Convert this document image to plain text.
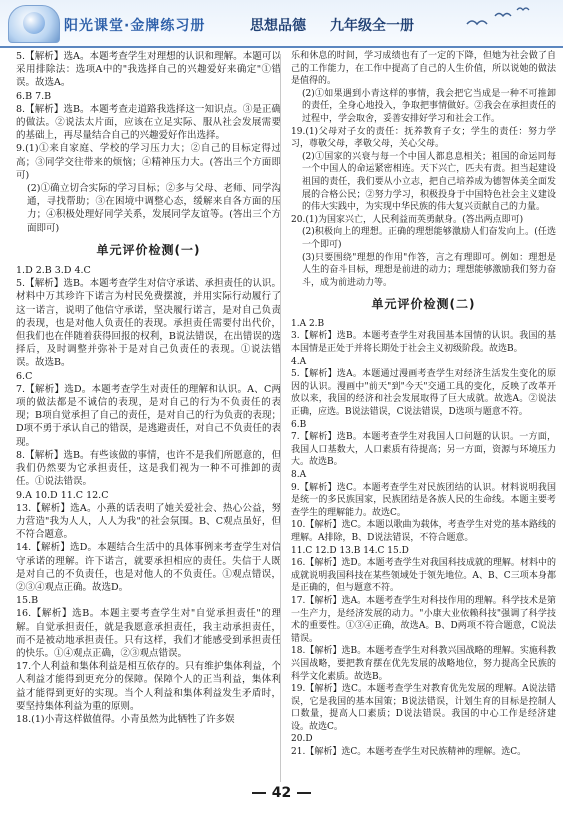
阳光课堂·金牌练习册	思想品德 九年级全一册

5.【解析】选A。本题考查学生对理想的认识和理解。本题可以采用排除法：选项A中的"我选择自己的兴趣爱好来确定"①错误。故选A。

6.B 7.B

8.【解析】选B。本题考查走道路我选择这一知识点。③是正确的做法。②说法太片面，应该在立足实际、服从社会发展需要的基础上，再尽量结合自己的兴趣爱好作出选择。

9.(1)①来自家庭、学校的学习压力大；②自己的目标定得过高；③同学交往带来的烦恼；④精神压力大。(答出三个方面即可)

(2)①确立切合实际的学习目标；②多与父母、老师、同学沟通，寻找帮助；③在困境中调整心态，缓解来自各方面的压力；④积极处理好同学关系，发展同学友谊等。(答出三个方面即可)

单元评价检测(一)

1.D 2.B 3.D 4.C

5.【解析】选B。本题考查学生对信守承诺、承担责任的认识。材料中万其珍许下诺言为村民免费摆渡，并用实际行动履行了这一诺言，说明了他信守承诺，坚决履行诺言，是对自己负责的表现，也是对他人负责任的表现。承担责任需要付出代价，但我们也在伴随着获得回报的权利，B说法错误，在出错误的选择后，及时调整并弥补于是对自己负责任的表现。①说法错误。故选B。

6.C

7.【解析】选D。本题考查学生对责任的理解和认识。A、C两项的做法都是不诚信的表现，是对自己的行为不负责任的表现；B项自觉承担了自己的责任，是对自己的行为负责的表现；D项不勇于承认自己的错误，是逃避责任，对自己不负责任的表现。

8.【解析】选B。有些该做的事情，也许不是我们所愿意的，但我们仍然要为它承担责任，这是我们视为一种不可推卸的责任。①说法错误。

9.A 10.D 11.C 12.C

13.【解析】选A。小燕的话表明了她关爱社会、热心公益，努力营造"我为人人，人人为我"的社会氛围。B、C观点虽好，但不符合题意。

14.【解析】选D。本题结合生活中的具体事例来考查学生对信守承诺的理解。许下诺言，就要承担相应的责任。失信于人既是对自己的不负责任，也是对他人的不负责任。①观点错误，②③④观点正确。故选D。

15.B

16.【解析】选B。本题主要考查学生对"自觉承担责任"的理解。自觉承担责任，就是我愿意承担责任，我主动承担责任，而不是被动地承担责任。只有这样，我们才能感受到承担责任的快乐。①④观点正确，②③观点错误。

17.个人利益和集体利益是相互依存的。只有维护集体利益，个人利益才能得到更充分的保障。保障个人的正当利益，集体利益才能得到更好的实现。当个人利益和集体利益发生矛盾时，要坚持集体利益为重的原则。

18.(1)小青这样做值得。小青虽然为此牺牲了许多娱

乐和休息的时间，学习成绩也有了一定的下降，但她为社会做了自己的工作能力，在工作中提高了自己的人生价值，所以说她的做法是值得的。

(2)①如果遇到小青这样的事情，我会把它当成是一种不可推卸的责任，全身心地投入，争取把事情做好。②我会在承担责任的过程中，学会取舍，妥善安排好学习和社会工作。

19.(1)父母对子女的责任：抚养教育子女；学生的责任：努力学习，尊敬父母，孝敬父母，关心父母。

(2)①国家的兴衰与每一个中国人都息息相关；祖国的命运同每一个中国人的命运紧密相连。天下兴亡，匹夫有责。担当起建设祖国的责任，我们要从小立志，把自己培养成为德智体美全面发展的合格公民；②努力学习，积极投身于中国特色社会主义建设的伟大实践中，为实现中华民族的伟大复兴贡献自己的力量。

20.(1)为国家兴亡，人民利益而英勇献身。(答出两点即可)

(2)积极向上的理想。正确的理想能够激励人们奋发向上。(任选一个即可)

(3)只要围绕"理想的作用"作答，言之有理即可。例如：理想是人生的奋斗目标，理想是前进的动力；理想能够激励我们努力奋斗，成为前进动力等。

单元评价检测(二)

1.A 2.B

3.【解析】选B。本题考查学生对我国基本国情的认识。我国的基本国情是正处于并将长期处于社会主义初级阶段。故选B。

4.A

5.【解析】选A。本题通过漫画考查学生对经济生活发生变化的原因的认识。漫画中"前天"到"今天"交通工具的变化，反映了改革开放以来，我国的经济和社会发展取得了巨大成就。故选A。②说法正确，应选。B说法错误，C说法错误，D选项与题意不符。

6.B

7.【解析】选B。本题考查学生对我国人口问题的认识。一方面，我国人口基数大，人口素质有待提高；另一方面，资源与环境压力大。故选B。

8.A

9.【解析】选C。本题考查学生对民族团结的认识。材料说明我国是统一的多民族国家，民族团结是各族人民的生命线。本题主要考查学生的理解能力。故选C。

10.【解析】选C。本题以歌曲为载体，考查学生对党的基本路线的理解。A排除，B、D说法错误，不符合题意。

11.C 12.D 13.B 14.C 15.D

16.【解析】选D。本题考查学生对我国科技成就的理解。材料中的成就说明我国科技在某些领域处于领先地位。A、B、C三项本身都是正确的，但与题意不符。

17.【解析】选A。本题考查学生对科技作用的理解。科学技术是第一生产力，是经济发展的动力。"小康大业依赖科技"强调了科学技术的重要性。①③④正确，故选A。B、D两项不符合题意，C说法错误。

18.【解析】选B。本题考查学生对科教兴国战略的理解。实施科教兴国战略，要把教育摆在优先发展的战略地位，努力提高全民族的科学文化素质。故选B。

19.【解析】选C。本题考查学生对教育优先发展的理解。A说法错误，它是我国的基本国策；B说法错误，计划生育的目标是控制人口数量，提高人口素质；D说法错误。我国的中心工作是经济建设。故选C。

20.D

21.【解析】选C。本题考查学生对民族精神的理解。选C。

42
